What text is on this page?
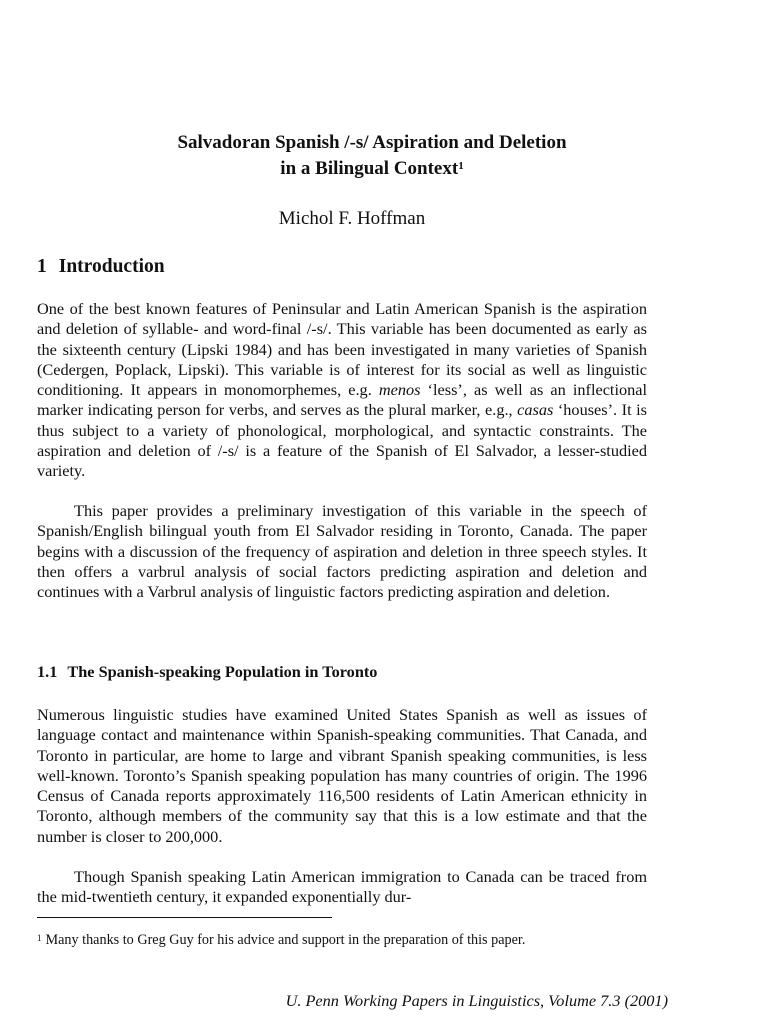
Salvadoran Spanish /-s/ Aspiration and Deletion
in a Bilingual Context$^1$
Michol F. Hoffman
1 Introduction
One of the best known features of Peninsular and Latin American Spanish is the aspiration and deletion of syllable- and word-final /-s/. This variable has been documented as early as the sixteenth century (Lipski 1984) and has been investigated in many varieties of Spanish (Cedergen, Poplack, Lipski). This variable is of interest for its social as well as linguistic conditioning. It appears in monomorphemes, e.g. menos ‘less’, as well as an inflectional marker indicating person for verbs, and serves as the plural marker, e.g., casas ‘houses’. It is thus subject to a variety of phonological, morphological, and syntactic constraints. The aspiration and deletion of /-s/ is a feature of the Spanish of El Salvador, a lesser-studied variety.
This paper provides a preliminary investigation of this variable in the speech of Spanish/English bilingual youth from El Salvador residing in Toronto, Canada. The paper begins with a discussion of the frequency of aspiration and deletion in three speech styles. It then offers a varbrul analysis of social factors predicting aspiration and deletion and continues with a Varbrul analysis of linguistic factors predicting aspiration and deletion.
1.1 The Spanish-speaking Population in Toronto
Numerous linguistic studies have examined United States Spanish as well as issues of language contact and maintenance within Spanish-speaking communities. That Canada, and Toronto in particular, are home to large and vibrant Spanish speaking communities, is less well-known. Toronto’s Spanish speaking population has many countries of origin. The 1996 Census of Canada reports approximately 116,500 residents of Latin American ethnicity in Toronto, although members of the community say that this is a low estimate and that the number is closer to 200,000.
Though Spanish speaking Latin American immigration to Canada can be traced from the mid-twentieth century, it expanded exponentially dur-
$^1$ Many thanks to Greg Guy for his advice and support in the preparation of this paper.
U. Penn Working Papers in Linguistics, Volume 7.3 (2001)
